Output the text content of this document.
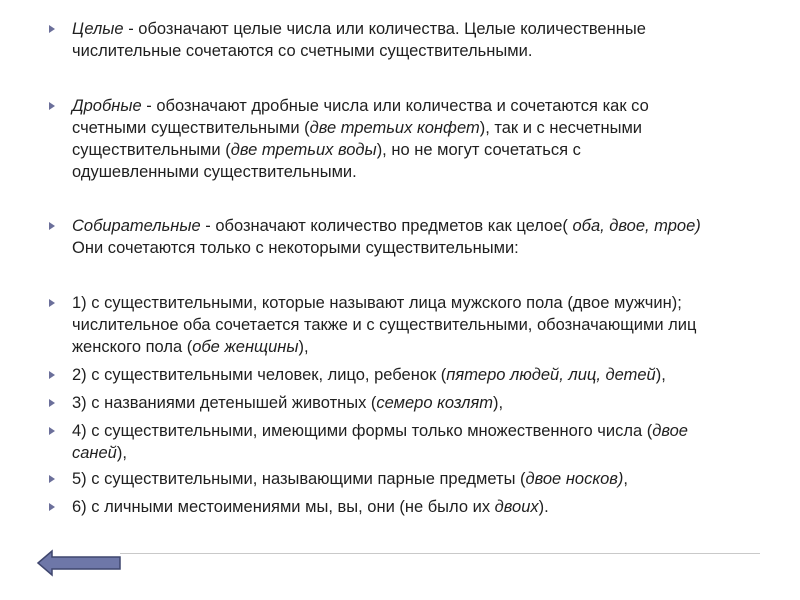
Целые - обозначают целые числа или количества. Целые количественные
числительные сочетаются со счетными существительными.

Дробные - обозначают дробные числа или количества и сочетаются как со
счетными существительными (две третьих конфет), так и с несчетными
существительными (две третьих воды), но не могут сочетаться с
одушевленными существительными.

Собирательные - обозначают количество предметов как целое( оба, двое, трое)
Они сочетаются только с некоторыми существительными:

1) с существительными, которые называют лица мужского пола (двое мужчин);
числительное оба сочетается также и с существительными, обозначающими лиц
женского пола (обе женщины),

2) с существительными человек, лицо, ребенок (пятеро людей, лиц, детей),

3) с названиями детенышей животных (семеро козлят),

4) с существительными, имеющими формы только множественного числа (двое
саней),

5) с существительными, называющими парные предметы (двое носков),

6) с личными местоимениями мы, вы, они (не было их двоих).
